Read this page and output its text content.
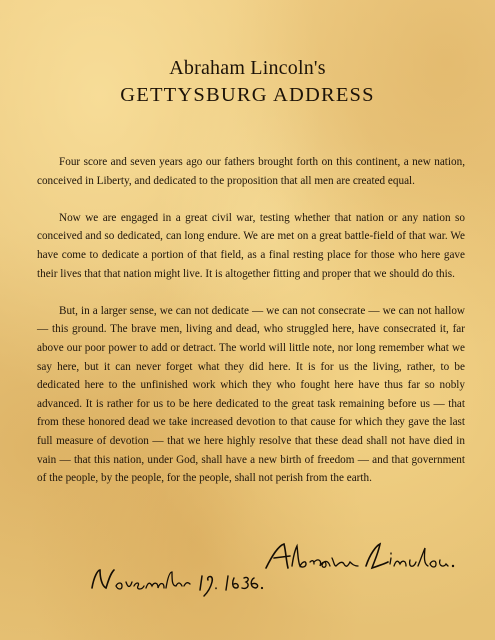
Abraham Lincoln's
GETTYSBURG ADDRESS

Four score and seven years ago our fathers brought forth on this continent, a new nation, conceived in Liberty, and dedicated to the proposition that all men are created equal.

Now we are engaged in a great civil war, testing whether that nation or any nation so conceived and so dedicated, can long endure. We are met on a great battle-field of that war. We have come to dedicate a portion of that field, as a final resting place for those who here gave their lives that that nation might live. It is altogether fitting and proper that we should do this.

But, in a larger sense, we can not dedicate — we can not consecrate — we can not hallow — this ground. The brave men, living and dead, who struggled here, have consecrated it, far above our poor power to add or detract. The world will little note, nor long remember what we say here, but it can never forget what they did here. It is for us the living, rather, to be dedicated here to the unfinished work which they who fought here have thus far so nobly advanced. It is rather for us to be here dedicated to the great task remaining before us — that from these honored dead we take increased devotion to that cause for which they gave the last full measure of devotion — that we here highly resolve that these dead shall not have died in vain — that this nation, under God, shall have a new birth of freedom — and that government of the people, by the people, for the people, shall not perish from the earth.
